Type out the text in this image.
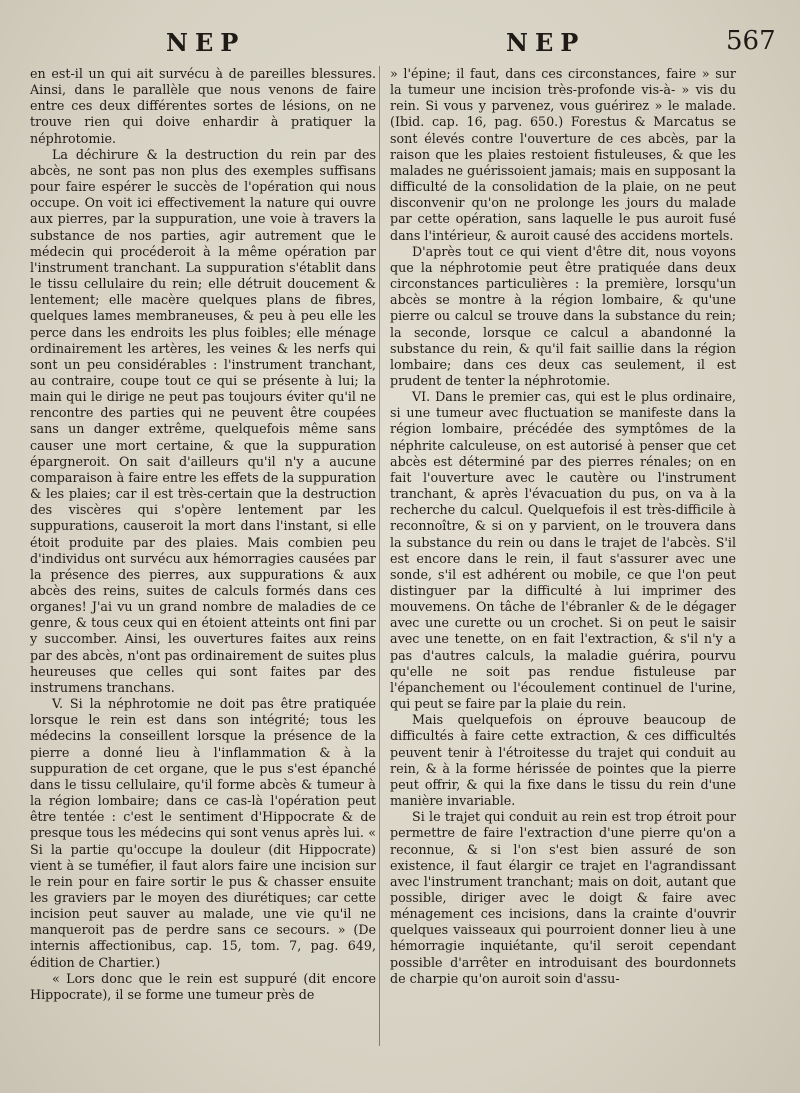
NEP	NEP	567

en est-il un qui ait survécu à de pareilles blessures. Ainsi, dans le parallèle que nous venons de faire entre ces deux différentes sortes de lésions, on ne trouve rien qui doive enhardir à pratiquer la néphrotomie.

La déchirure & la destruction du rein par des abcès, ne sont pas non plus des exemples suffisans pour faire espérer le succès de l'opération qui nous occupe. On voit ici effectivement la nature qui ouvre aux pierres, par la suppuration, une voie à travers la substance de nos parties, agir autrement que le médecin qui procéderoit à la même opération par l'instrument tranchant. La suppuration s'établit dans le tissu cellulaire du rein; elle détruit doucement & lentement; elle macère quelques plans de fibres, quelques lames membraneuses, & peu à peu elle les perce dans les endroits les plus foibles; elle ménage ordinairement les artères, les veines & les nerfs qui sont un peu considérables : l'instrument tranchant, au contraire, coupe tout ce qui se présente à lui; la main qui le dirige ne peut pas toujours éviter qu'il ne rencontre des parties qui ne peuvent être coupées sans un danger extrême, quelquefois même sans causer une mort certaine, & que la suppuration épargneroit. On sait d'ailleurs qu'il n'y a aucune comparaison à faire entre les effets de la suppuration & les plaies; car il est très-certain que la destruction des viscères qui s'opère lentement par les suppurations, causeroit la mort dans l'instant, si elle étoit produite par des plaies. Mais combien peu d'individus ont survécu aux hémorragies causées par la présence des pierres, aux suppurations & aux abcès des reins, suites de calculs formés dans ces organes! J'ai vu un grand nombre de maladies de ce genre, & tous ceux qui en étoient atteints ont fini par y succomber. Ainsi, les ouvertures faites aux reins par des abcès, n'ont pas ordinairement de suites plus heureuses que celles qui sont faites par des instrumens tranchans.

V. Si la néphrotomie ne doit pas être pratiquée lorsque le rein est dans son intégrité; tous les médecins la conseillent lorsque la présence de la pierre a donné lieu à l'inflammation & à la suppuration de cet organe, que le pus s'est épanché dans le tissu cellulaire, qu'il forme abcès & tumeur à la région lombaire; dans ce cas-là l'opération peut être tentée : c'est le sentiment d'Hippocrate & de presque tous les médecins qui sont venus après lui. « Si la partie qu'occupe la douleur (dit Hippocrate) vient à se tuméfier, il faut alors faire une incision sur le rein pour en faire sortir le pus & chasser ensuite les graviers par le moyen des diurétiques; car cette incision peut sauver au malade, une vie qu'il ne manqueroit pas de perdre sans ce secours. » (De internis affectionibus, cap. 15, tom. 7, pag. 649, édition de Chartier.)

« Lors donc que le rein est suppuré (dit encore Hippocrate), il se forme une tumeur près de

» l'épine; il faut, dans ces circonstances, faire » sur la tumeur une incision très-profonde vis-à- » vis du rein. Si vous y parvenez, vous guérirez » le malade. (Ibid. cap. 16, pag. 650.) Forestus & Marcatus se sont élevés contre l'ouverture de ces abcès, par la raison que les plaies restoient fistuleuses, & que les malades ne guérissoient jamais; mais en supposant la difficulté de la consolidation de la plaie, on ne peut disconvenir qu'on ne prolonge les jours du malade par cette opération, sans laquelle le pus auroit fusé dans l'intérieur, & auroit causé des accidens mortels.

D'après tout ce qui vient d'être dit, nous voyons que la néphrotomie peut être pratiquée dans deux circonstances particulières : la première, lorsqu'un abcès se montre à la région lombaire, & qu'une pierre ou calcul se trouve dans la substance du rein; la seconde, lorsque ce calcul a abandonné la substance du rein, & qu'il fait saillie dans la région lombaire; dans ces deux cas seulement, il est prudent de tenter la néphrotomie.

VI. Dans le premier cas, qui est le plus ordinaire, si une tumeur avec fluctuation se manifeste dans la région lombaire, précédée des symptômes de la néphrite calculeuse, on est autorisé à penser que cet abcès est déterminé par des pierres rénales; on en fait l'ouverture avec le cautère ou l'instrument tranchant, & après l'évacuation du pus, on va à la recherche du calcul. Quelquefois il est très-difficile à reconnoître, & si on y parvient, on le trouvera dans la substance du rein ou dans le trajet de l'abcès. S'il est encore dans le rein, il faut s'assurer avec une sonde, s'il est adhérent ou mobile, ce que l'on peut distinguer par la difficulté à lui imprimer des mouvemens. On tâche de l'ébranler & de le dégager avec une curette ou un crochet. Si on peut le saisir avec une tenette, on en fait l'extraction, & s'il n'y a pas d'autres calculs, la maladie guérira, pourvu qu'elle ne soit pas rendue fistuleuse par l'épanchement ou l'écoulement continuel de l'urine, qui peut se faire par la plaie du rein.

Mais quelquefois on éprouve beaucoup de difficultés à faire cette extraction, & ces difficultés peuvent tenir à l'étroitesse du trajet qui conduit au rein, & à la forme hérissée de pointes que la pierre peut offrir, & qui la fixe dans le tissu du rein d'une manière invariable.

Si le trajet qui conduit au rein est trop étroit pour permettre de faire l'extraction d'une pierre qu'on a reconnue, & si l'on s'est bien assuré de son existence, il faut élargir ce trajet en l'agrandissant avec l'instrument tranchant; mais on doit, autant que possible, diriger avec le doigt & faire avec ménagement ces incisions, dans la crainte d'ouvrir quelques vaisseaux qui pourroient donner lieu à une hémorragie inquiétante, qu'il seroit cependant possible d'arrêter en introduisant des bourdonnets de charpie qu'on auroit soin d'assu-
